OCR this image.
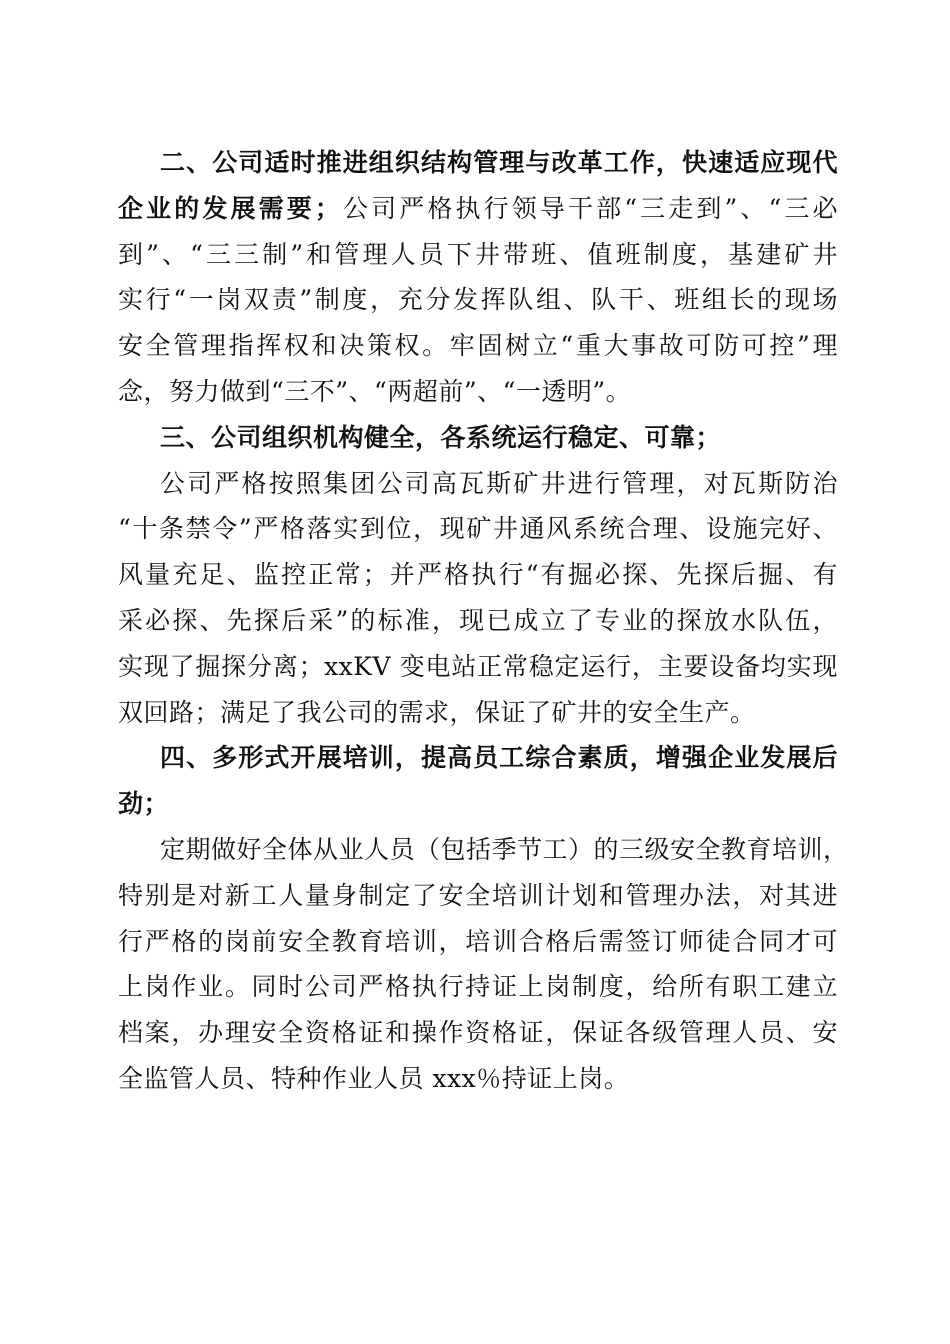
二、公司适时推进组织结构管理与改革工作，快速适应现代
企业的发展需要；公司严格执行领导干部“三走到”、“三必
到”、“三三制”和管理人员下井带班、值班制度，基建矿井
实行“一岗双责”制度，充分发挥队组、队干、班组长的现场
安全管理指挥权和决策权。牢固树立“重大事故可防可控”理
念，努力做到“三不”、“两超前”、“一透明”。
三、公司组织机构健全，各系统运行稳定、可靠；
公司严格按照集团公司高瓦斯矿井进行管理，对瓦斯防治
“十条禁令”严格落实到位，现矿井通风系统合理、设施完好、
风量充足、监控正常；并严格执行“有掘必探、先探后掘、有
采必探、先探后采”的标准，现已成立了专业的探放水队伍，
实现了掘探分离；xxKV 变电站正常稳定运行，主要设备均实现
双回路；满足了我公司的需求，保证了矿井的安全生产。
四、多形式开展培训，提高员工综合素质，增强企业发展后
劲；
定期做好全体从业人员（包括季节工）的三级安全教育培训，
特别是对新工人量身制定了安全培训计划和管理办法，对其进
行严格的岗前安全教育培训，培训合格后需签订师徒合同才可
上岗作业。同时公司严格执行持证上岗制度，给所有职工建立
档案，办理安全资格证和操作资格证，保证各级管理人员、安
全监管人员、特种作业人员 xxx％持证上岗。
